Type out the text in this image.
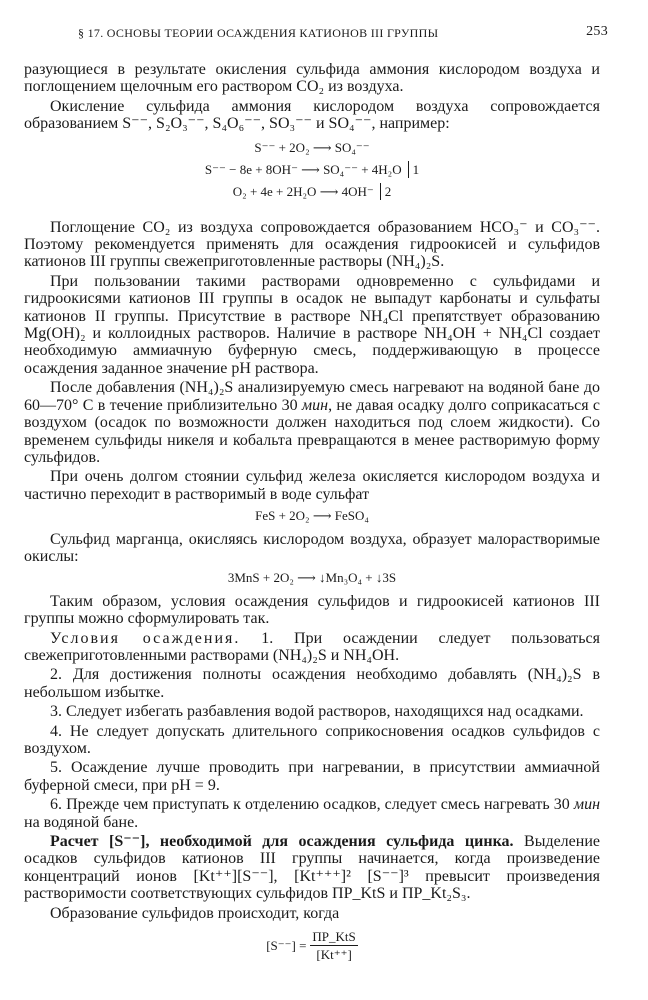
§ 17. ОСНОВЫ ТЕОРИИ ОСАЖДЕНИЯ КАТИОНОВ III ГРУППЫ	253

разующиеся в результате окисления сульфида аммония кислородом воздуха и поглощением щелочным его раствором CO₂ из воздуха.

Окисление сульфида аммония кислородом воздуха сопровождается образованием S⁻⁻, S₂O₃⁻⁻, S₄O₆⁻⁻, SO₃⁻⁻ и SO₄⁻⁻, например:

S⁻⁻ + 2O₂ ⟶ SO₄⁻⁻
S⁻⁻ − 8e + 8OH⁻ ⟶ SO₄⁻⁻ + 4H₂O 1
O₂ + 4e + 2H₂O ⟶ 4OH⁻ 2

Поглощение CO₂ из воздуха сопровождается образованием HCO₃⁻ и CO₃⁻⁻. Поэтому рекомендуется применять для осаждения гидроокисей и сульфидов катионов III группы свежеприготовленные растворы (NH₄)₂S.

При пользовании такими растворами одновременно с сульфидами и гидроокисями катионов III группы в осадок не выпадут карбонаты и сульфаты катионов II группы. Присутствие в растворе NH₄Cl препятствует образованию Mg(OH)₂ и коллоидных растворов. Наличие в растворе NH₄OH + NH₄Cl создает необходимую аммиачную буферную смесь, поддерживающую в процессе осаждения заданное значение pH раствора.

После добавления (NH₄)₂S анализируемую смесь нагревают на водяной бане до 60—70° C в течение приблизительно 30 мин, не давая осадку долго соприкасаться с воздухом (осадок по возможности должен находиться под слоем жидкости). Со временем сульфиды никеля и кобальта превращаются в менее растворимую форму сульфидов.

При очень долгом стоянии сульфид железа окисляется кислородом воздуха и частично переходит в растворимый в воде сульфат

FeS + 2O₂ ⟶ FeSO₄

Сульфид марганца, окисляясь кислородом воздуха, образует малорастворимые окислы:

3MnS + 2O₂ ⟶ ↓Mn₃O₄ + ↓3S

Таким образом, условия осаждения сульфидов и гидроокисей катионов III группы можно сформулировать так.

Условия осаждения. 1. При осаждении следует пользоваться свежеприготовленными растворами (NH₄)₂S и NH₄OH.

2. Для достижения полноты осаждения необходимо добавлять (NH₄)₂S в небольшом избытке.

3. Следует избегать разбавления водой растворов, находящихся над осадками.

4. Не следует допускать длительного соприкосновения осадков сульфидов с воздухом.

5. Осаждение лучше проводить при нагревании, в присутствии аммиачной буферной смеси, при pH = 9.

6. Прежде чем приступать к отделению осадков, следует смесь нагревать 30 мин на водяной бане.

Расчет [S⁻⁻], необходимой для осаждения сульфида цинка. Выделение осадков сульфидов катионов III группы начинается, когда произведение концентраций ионов [Kt⁺⁺][S⁻⁻], [Kt⁺⁺⁺]² [S⁻⁻]³ превысит произведения растворимости соответствующих сульфидов ПР_KtS и ПР_Kt₂S₃.

Образование сульфидов происходит, когда

$[S^{--}] = \frac{\text{ПР\_KtS}}{[Kt^{++}]}$
